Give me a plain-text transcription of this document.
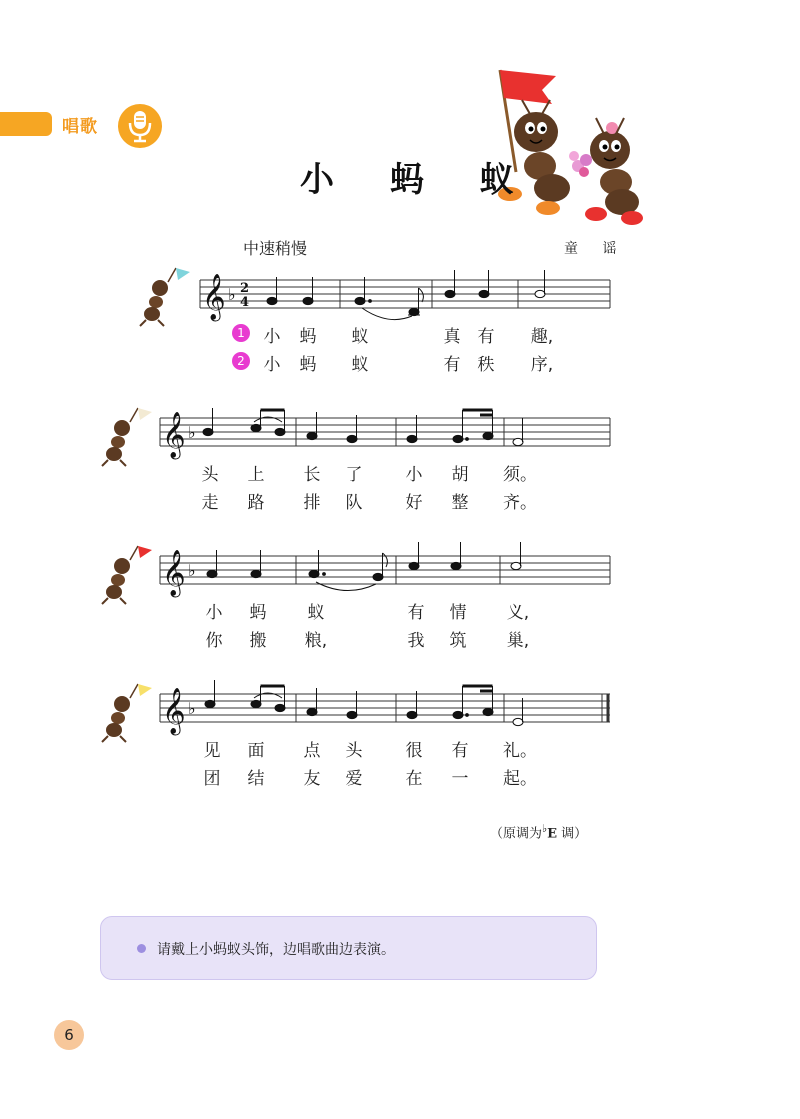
唱歌
小 蚂 蚁
中速稍慢	童 谣
𝄞 ♭ 2
4
1	小 蚂 蚁	真 有 趣,
2	小 蚂 蚁	有 秩 序,
𝄞 ♭
头 上 长 了	小 胡 须。
走 路 排 队	好 整 齐。
𝄞 ♭
小 蚂 蚁	有 情 义,
你 搬 粮,	我 筑 巢,
𝄞 ♭
见 面 点 头	很 有 礼。
团 结 友 爱	在 一 起。
（原调为♭E 调）
请戴上小蚂蚁头饰，边唱歌曲边表演。
6
